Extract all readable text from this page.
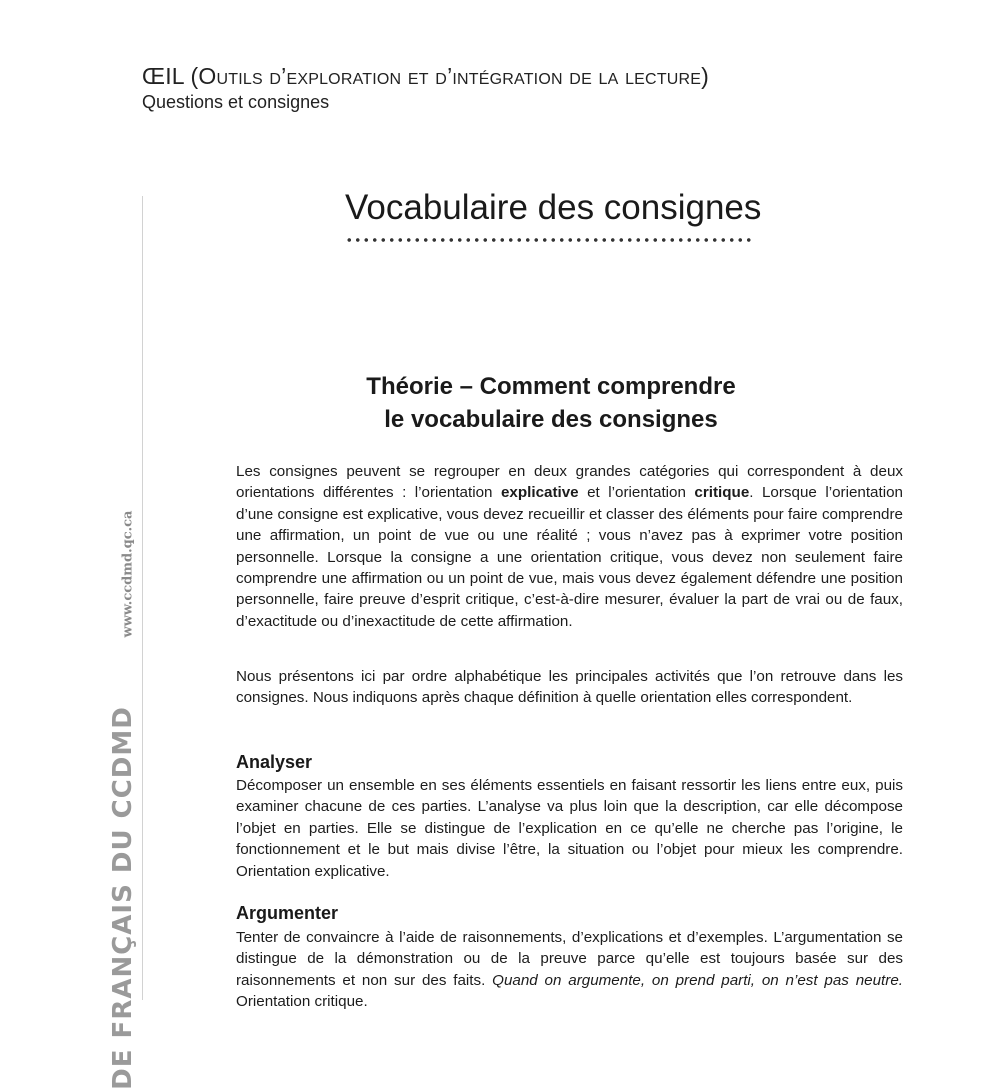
ŒIL (Outils d’exploration et d’intégration de la lecture)
Questions et consignes
www.ccdmd.qc.ca
DE FRANÇAIS DU CCDMD
Vocabulaire des consignes
Théorie – Comment comprendre
le vocabulaire des consignes
Les consignes peuvent se regrouper en deux grandes catégories qui correspondent à deux orientations différentes : l’orientation explicative et l’orientation critique. Lorsque l’orientation d’une consigne est explicative, vous devez recueillir et classer des éléments pour faire comprendre une affirmation, un point de vue ou une réalité ; vous n’avez pas à exprimer votre position personnelle. Lorsque la consigne a une orientation critique, vous devez non seulement faire comprendre une affirmation ou un point de vue, mais vous devez également défendre une position personnelle, faire preuve d’esprit critique, c’est-à-dire mesurer, évaluer la part de vrai ou de faux, d’exactitude ou d’inexactitude de cette affirmation.
Nous présentons ici par ordre alphabétique les principales activités que l’on retrouve dans les consignes. Nous indiquons après chaque définition à quelle orientation elles correspondent.
Analyser
Décomposer un ensemble en ses éléments essentiels en faisant ressortir les liens entre eux, puis examiner chacune de ces parties. L’analyse va plus loin que la description, car elle décompose l’objet en parties. Elle se distingue de l’explication en ce qu’elle ne cherche pas l’origine, le fonctionnement et le but mais divise l’être, la situation ou l’objet pour mieux les comprendre. Orientation explicative.
Argumenter
Tenter de convaincre à l’aide de raisonnements, d’explications et d’exemples. L’argumentation se distingue de la démonstration ou de la preuve parce qu’elle est toujours basée sur des raisonnements et non sur des faits. Quand on argumente, on prend parti, on n’est pas neutre. Orientation critique.
